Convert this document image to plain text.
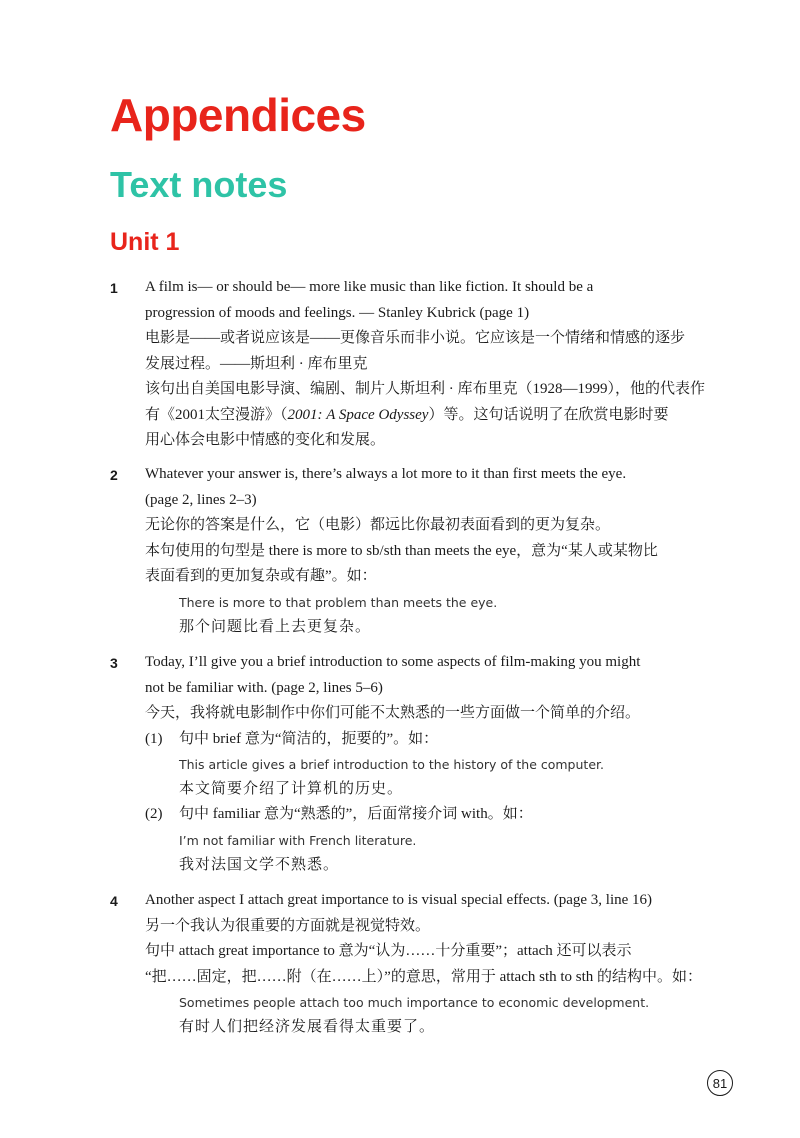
Appendices
Text notes
Unit 1
1 A film is— or should be— more like music than like fiction. It should be a
progression of moods and feelings. — Stanley Kubrick (page 1)
电影是——或者说应该是——更像音乐而非小说。它应该是一个情绪和情感的逐步
发展过程。——斯坦利 · 库布里克
该句出自美国电影导演、编剧、制片人斯坦利 · 库布里克（1928—1999），他的代表作
有《2001太空漫游》（2001: A Space Odyssey）等。这句话说明了在欣赏电影时要
用心体会电影中情感的变化和发展。
2 Whatever your answer is, there’s always a lot more to it than first meets the eye.
(page 2, lines 2–3)
无论你的答案是什么，它（电影）都远比你最初表面看到的更为复杂。
本句使用的句型是 there is more to sb/sth than meets the eye，意为“某人或某物比
表面看到的更加复杂或有趣”。如：
There is more to that problem than meets the eye.
那个问题比看上去更复杂。
3 Today, I’ll give you a brief introduction to some aspects of film-making you might
not be familiar with. (page 2, lines 5–6)
今天，我将就电影制作中你们可能不太熟悉的一些方面做一个简单的介绍。
(1) 句中 brief 意为“简洁的，扼要的”。如：
This article gives a brief introduction to the history of the computer.
本文简要介绍了计算机的历史。
(2) 句中 familiar 意为“熟悉的”，后面常接介词 with。如：
I’m not familiar with French literature.
我对法国文学不熟悉。
4 Another aspect I attach great importance to is visual special effects. (page 3, line 16)
另一个我认为很重要的方面就是视觉特效。
句中 attach great importance to 意为“认为……十分重要”；attach 还可以表示
“把……固定，把……附（在……上）”的意思，常用于 attach sth to sth 的结构中。如：
Sometimes people attach too much importance to economic development.
有时人们把经济发展看得太重要了。
81
